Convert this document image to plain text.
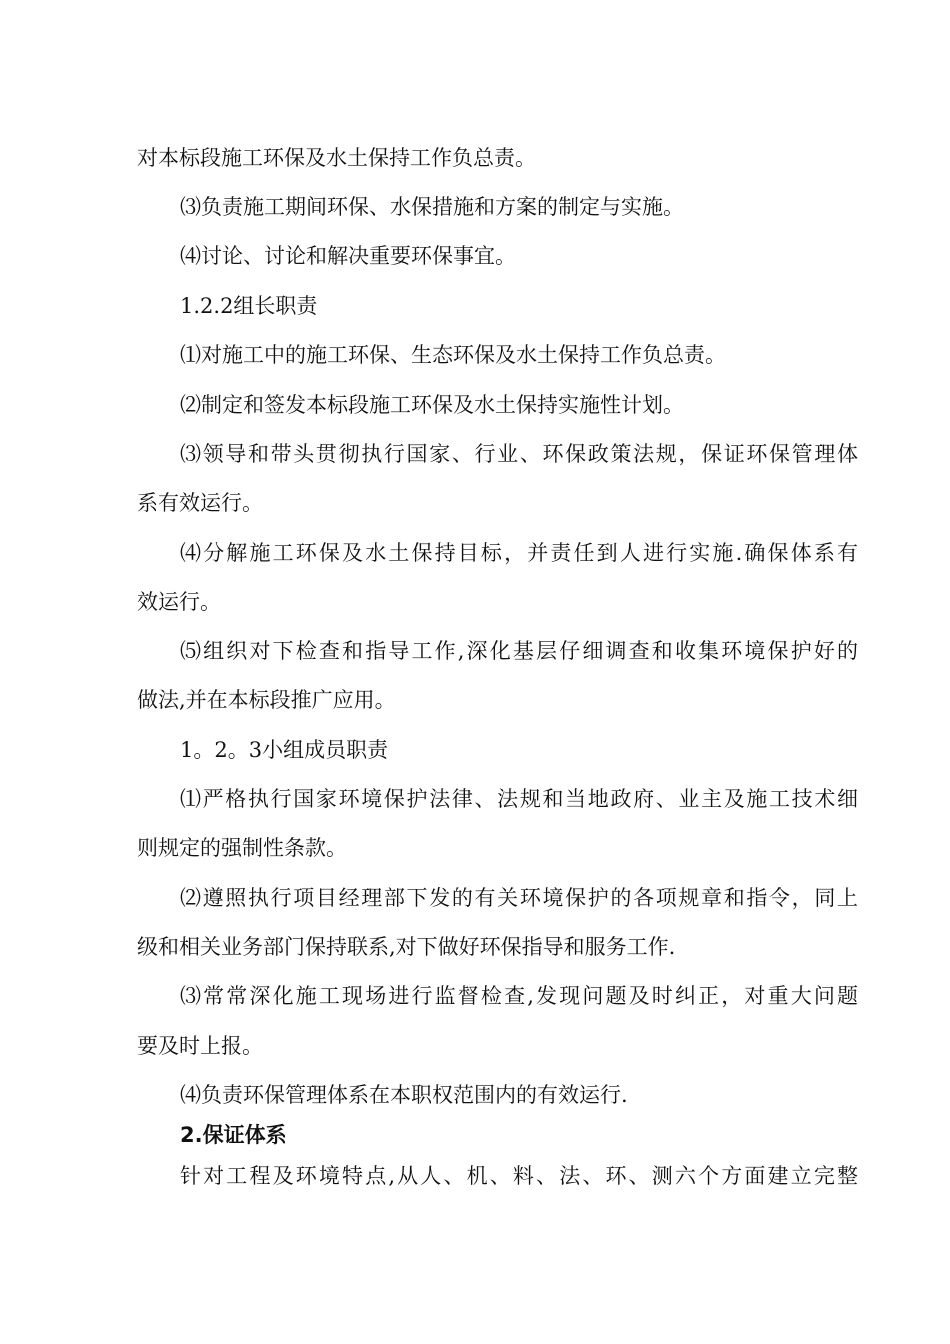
对本标段施工环保及水土保持工作负总责。
⑶负责施工期间环保、水保措施和方案的制定与实施。
⑷讨论、讨论和解决重要环保事宜。
1.2.2组长职责
⑴对施工中的施工环保、生态环保及水土保持工作负总责。
⑵制定和签发本标段施工环保及水土保持实施性计划。
⑶领导和带头贯彻执行国家、行业、环保政策法规，保证环保管理体
系有效运行。
⑷分解施工环保及水土保持目标，并责任到人进行实施.确保体系有
效运行。
⑸组织对下检查和指导工作,深化基层仔细调查和收集环境保护好的
做法,并在本标段推广应用。
1。2。3小组成员职责
⑴严格执行国家环境保护法律、法规和当地政府、业主及施工技术细
则规定的强制性条款。
⑵遵照执行项目经理部下发的有关环境保护的各项规章和指令，同上
级和相关业务部门保持联系,对下做好环保指导和服务工作.
⑶常常深化施工现场进行监督检查,发现问题及时纠正，对重大问题
要及时上报。
⑷负责环保管理体系在本职权范围内的有效运行.
2.保证体系
针对工程及环境特点,从人、机、料、法、环、测六个方面建立完整
